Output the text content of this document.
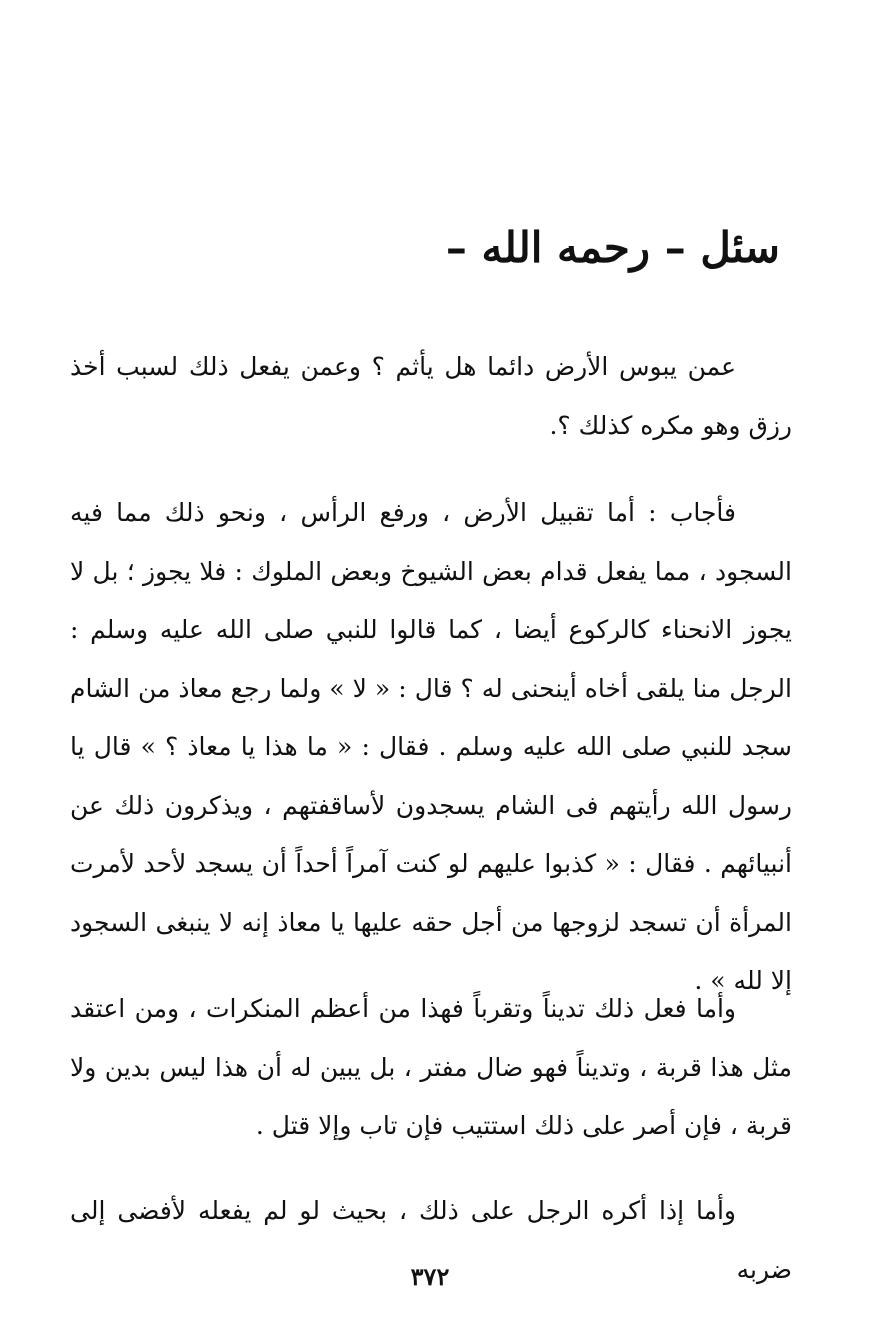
سئل – رحمه الله –

عمن يبوس الأرض دائما هل يأثم ؟ وعمن يفعل ذلك لسبب أخذ رزق وهو مكره كذلك ؟.

فأجاب : أما تقبيل الأرض ، ورفع الرأس ، ونحو ذلك مما فيه السجود ، مما يفعل قدام بعض الشيوخ وبعض الملوك : فلا يجوز ؛ بل لا يجوز الانحناء كالركوع أيضا ، كما قالوا للنبي صلى الله عليه وسلم : الرجل منا يلقى أخاه أينحنى له ؟ قال : « لا » ولما رجع معاذ من الشام سجد للنبي صلى الله عليه وسلم . فقال : « ما هذا يا معاذ ؟ » قال يا رسول الله رأيتهم فى الشام يسجدون لأساقفتهم ، ويذكرون ذلك عن أنبيائهم . فقال : « كذبوا عليهم لو كنت آمراً أحداً أن يسجد لأحد لأمرت المرأة أن تسجد لزوجها من أجل حقه عليها يا معاذ إنه لا ينبغى السجود إلا لله » .

وأما فعل ذلك تديناً وتقرباً فهذا من أعظم المنكرات ، ومن اعتقد مثل هذا قربة ، وتديناً فهو ضال مفتر ، بل يبين له أن هذا ليس بدين ولا قربة ، فإن أصر على ذلك استتيب فإن تاب وإلا قتل .

وأما إذا أكره الرجل على ذلك ، بحيث لو لم يفعله لأفضى إلى ضربه

٣٧٢
